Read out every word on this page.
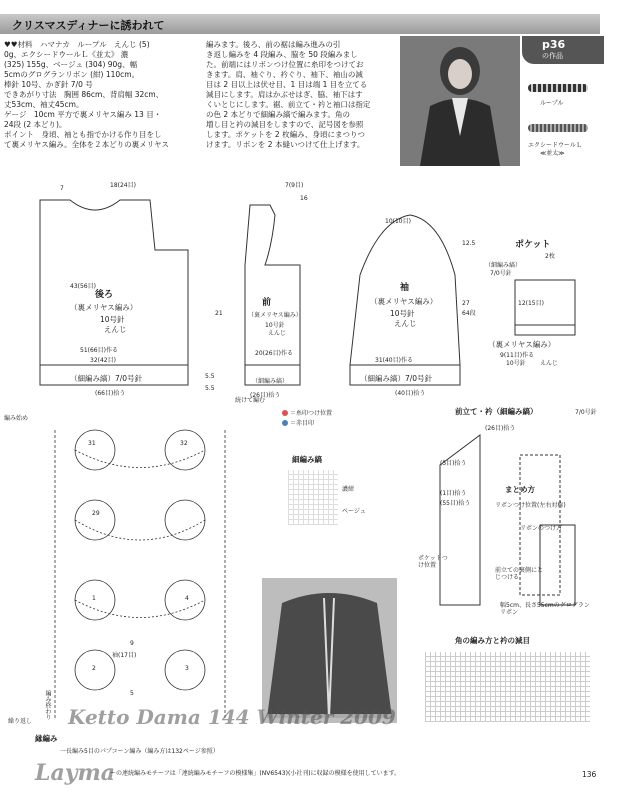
クリスマスディナーに誘われて
♥♥材料　ハマナカ　ループル　えんじ (5)
0g、エクシードウールＬ《並太》 濃
(325) 155g、ベージュ (304) 90g、幅
5cmのグログランリボン (紺) 110cm。
棒針 10号、かぎ針 7/0 号
できあがり寸法　胸囲 86cm、背肩幅 32cm、
丈53cm、袖丈45cm。
ゲージ　10cm 平方で裏メリヤス編み 13 目・
24段 (2 本どり)。
ポイント　身頃、袖とも指でかける作り目をし
て裏メリヤス編み。全体を２本どりの裏メリヤス
編みます。後ろ、前の裾は編み進みの引
き返し編みを 4 段編み、脇を 50 段編みまし
た。前端にはリボンつけ位置に糸印をつけてお
きます。肩、袖ぐり、衿ぐり、袖下、袖山の減
目は 2 目以上は伏せ目、1 目は端 1 目を立てる
減目にします。肩はかぶせはぎ、脇、袖下はす
くいとじにします。裾、前立て・衿と袖口は指定
の色 2 本どりで細編み縞で編みます。角の
増し目と衿の減目をしますので、記号図を参照
します。ポケットを 2 枚編み、身頃にまつりつ
けます。リボンを 2 本縫いつけて仕上げます。
p36
の作品
ループル
エクシードウールＬ
≪並太≫
後ろ
（裏メリヤス編み）
10号針
えんじ
51(66目)作る
32(42目)
（細編み縞）7/0号針
(66目)拾う
前
（裏メリヤス編み）
10号針
えんじ
20(26目)作る
（細編み縞）
(26目)拾う
続けて編む
袖
（裏メリヤス編み）
10号針
えんじ
31(40目)作る
（細編み縞）7/0号針
(40目)拾う
ポケット
2枚
（細編み縞）
7/0号針
12(15目)
（裏メリヤス編み）
9(11目)作る
10号針 えんじ
7	18(24目)
16
7(9目)
10(10目)
43(56目)
5.5
21
5.5
12.5
27
64段
＝糸印つけ位置
＝赤目印
31	32
29
4
3
1
2
9
5
編み始め
編み終わり
袖(17目)
繰り返し
縁編み
一長編み5目のパプコーン編み（編み方は132ページ参照）
細編み縞
濃紺
ベージュ
前立て・衿（細編み縞）	7/0号針
(26目)拾う
(55目)拾う
(1目)拾う
(5目)拾う
ポケットつけ位置
まとめ方
リボンつけ位置(左右対称)
リボンのつけ方
前立ての裏側にとじつける
幅5cm、長さ55cmのグログランリボン
角の編み方と衿の減目
Ketto Dama 144 Winter 2009
Layma
ーの連続編みモチーフは「連続編みモチーフの模様集」(NV6543)(小社刊)に収録の模様を使用しています。	136
